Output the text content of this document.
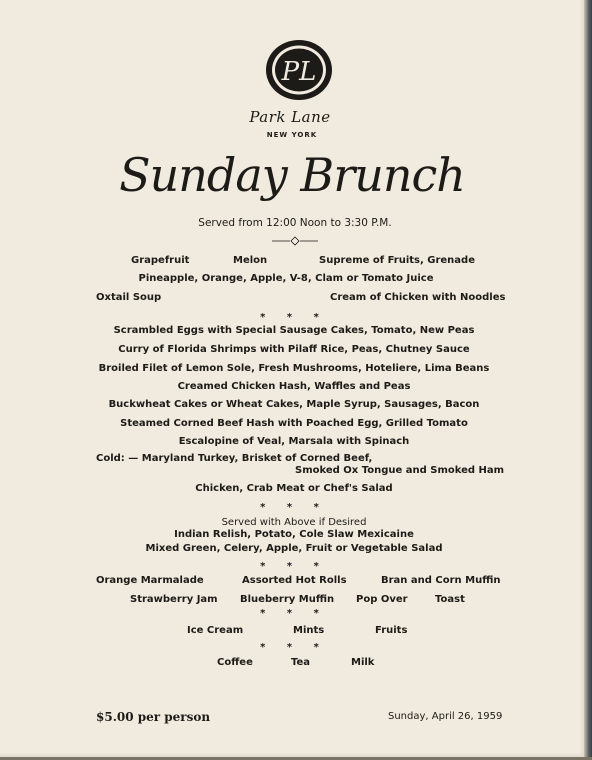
PL
Park Lane
NEW YORK
Sunday Brunch
Served from 12:00 Noon to 3:30 P.M.
Grapefruit	Melon	Supreme of Fruits, Grenade
Pineapple, Orange, Apple, V-8, Clam or Tomato Juice
Oxtail Soup	Cream of Chicken with Noodles
* * *
Scrambled Eggs with Special Sausage Cakes, Tomato, New Peas
Curry of Florida Shrimps with Pilaff Rice, Peas, Chutney Sauce
Broiled Filet of Lemon Sole, Fresh Mushrooms, Hoteliere, Lima Beans
Creamed Chicken Hash, Waffles and Peas
Buckwheat Cakes or Wheat Cakes, Maple Syrup, Sausages, Bacon
Steamed Corned Beef Hash with Poached Egg, Grilled Tomato
Escalopine of Veal, Marsala with Spinach
Cold: — Maryland Turkey, Brisket of Corned Beef,
Smoked Ox Tongue and Smoked Ham
Chicken, Crab Meat or Chef's Salad
* * *
Served with Above if Desired
Indian Relish, Potato, Cole Slaw Mexicaine
Mixed Green, Celery, Apple, Fruit or Vegetable Salad
* * *
Orange Marmalade	Assorted Hot Rolls	Bran and Corn Muffin
Strawberry Jam Blueberry Muffin Pop Over	Toast
* * *
Ice Cream	Mints	Fruits
* * *
Coffee	Tea	Milk
$5.00 per person	Sunday, April 26, 1959
